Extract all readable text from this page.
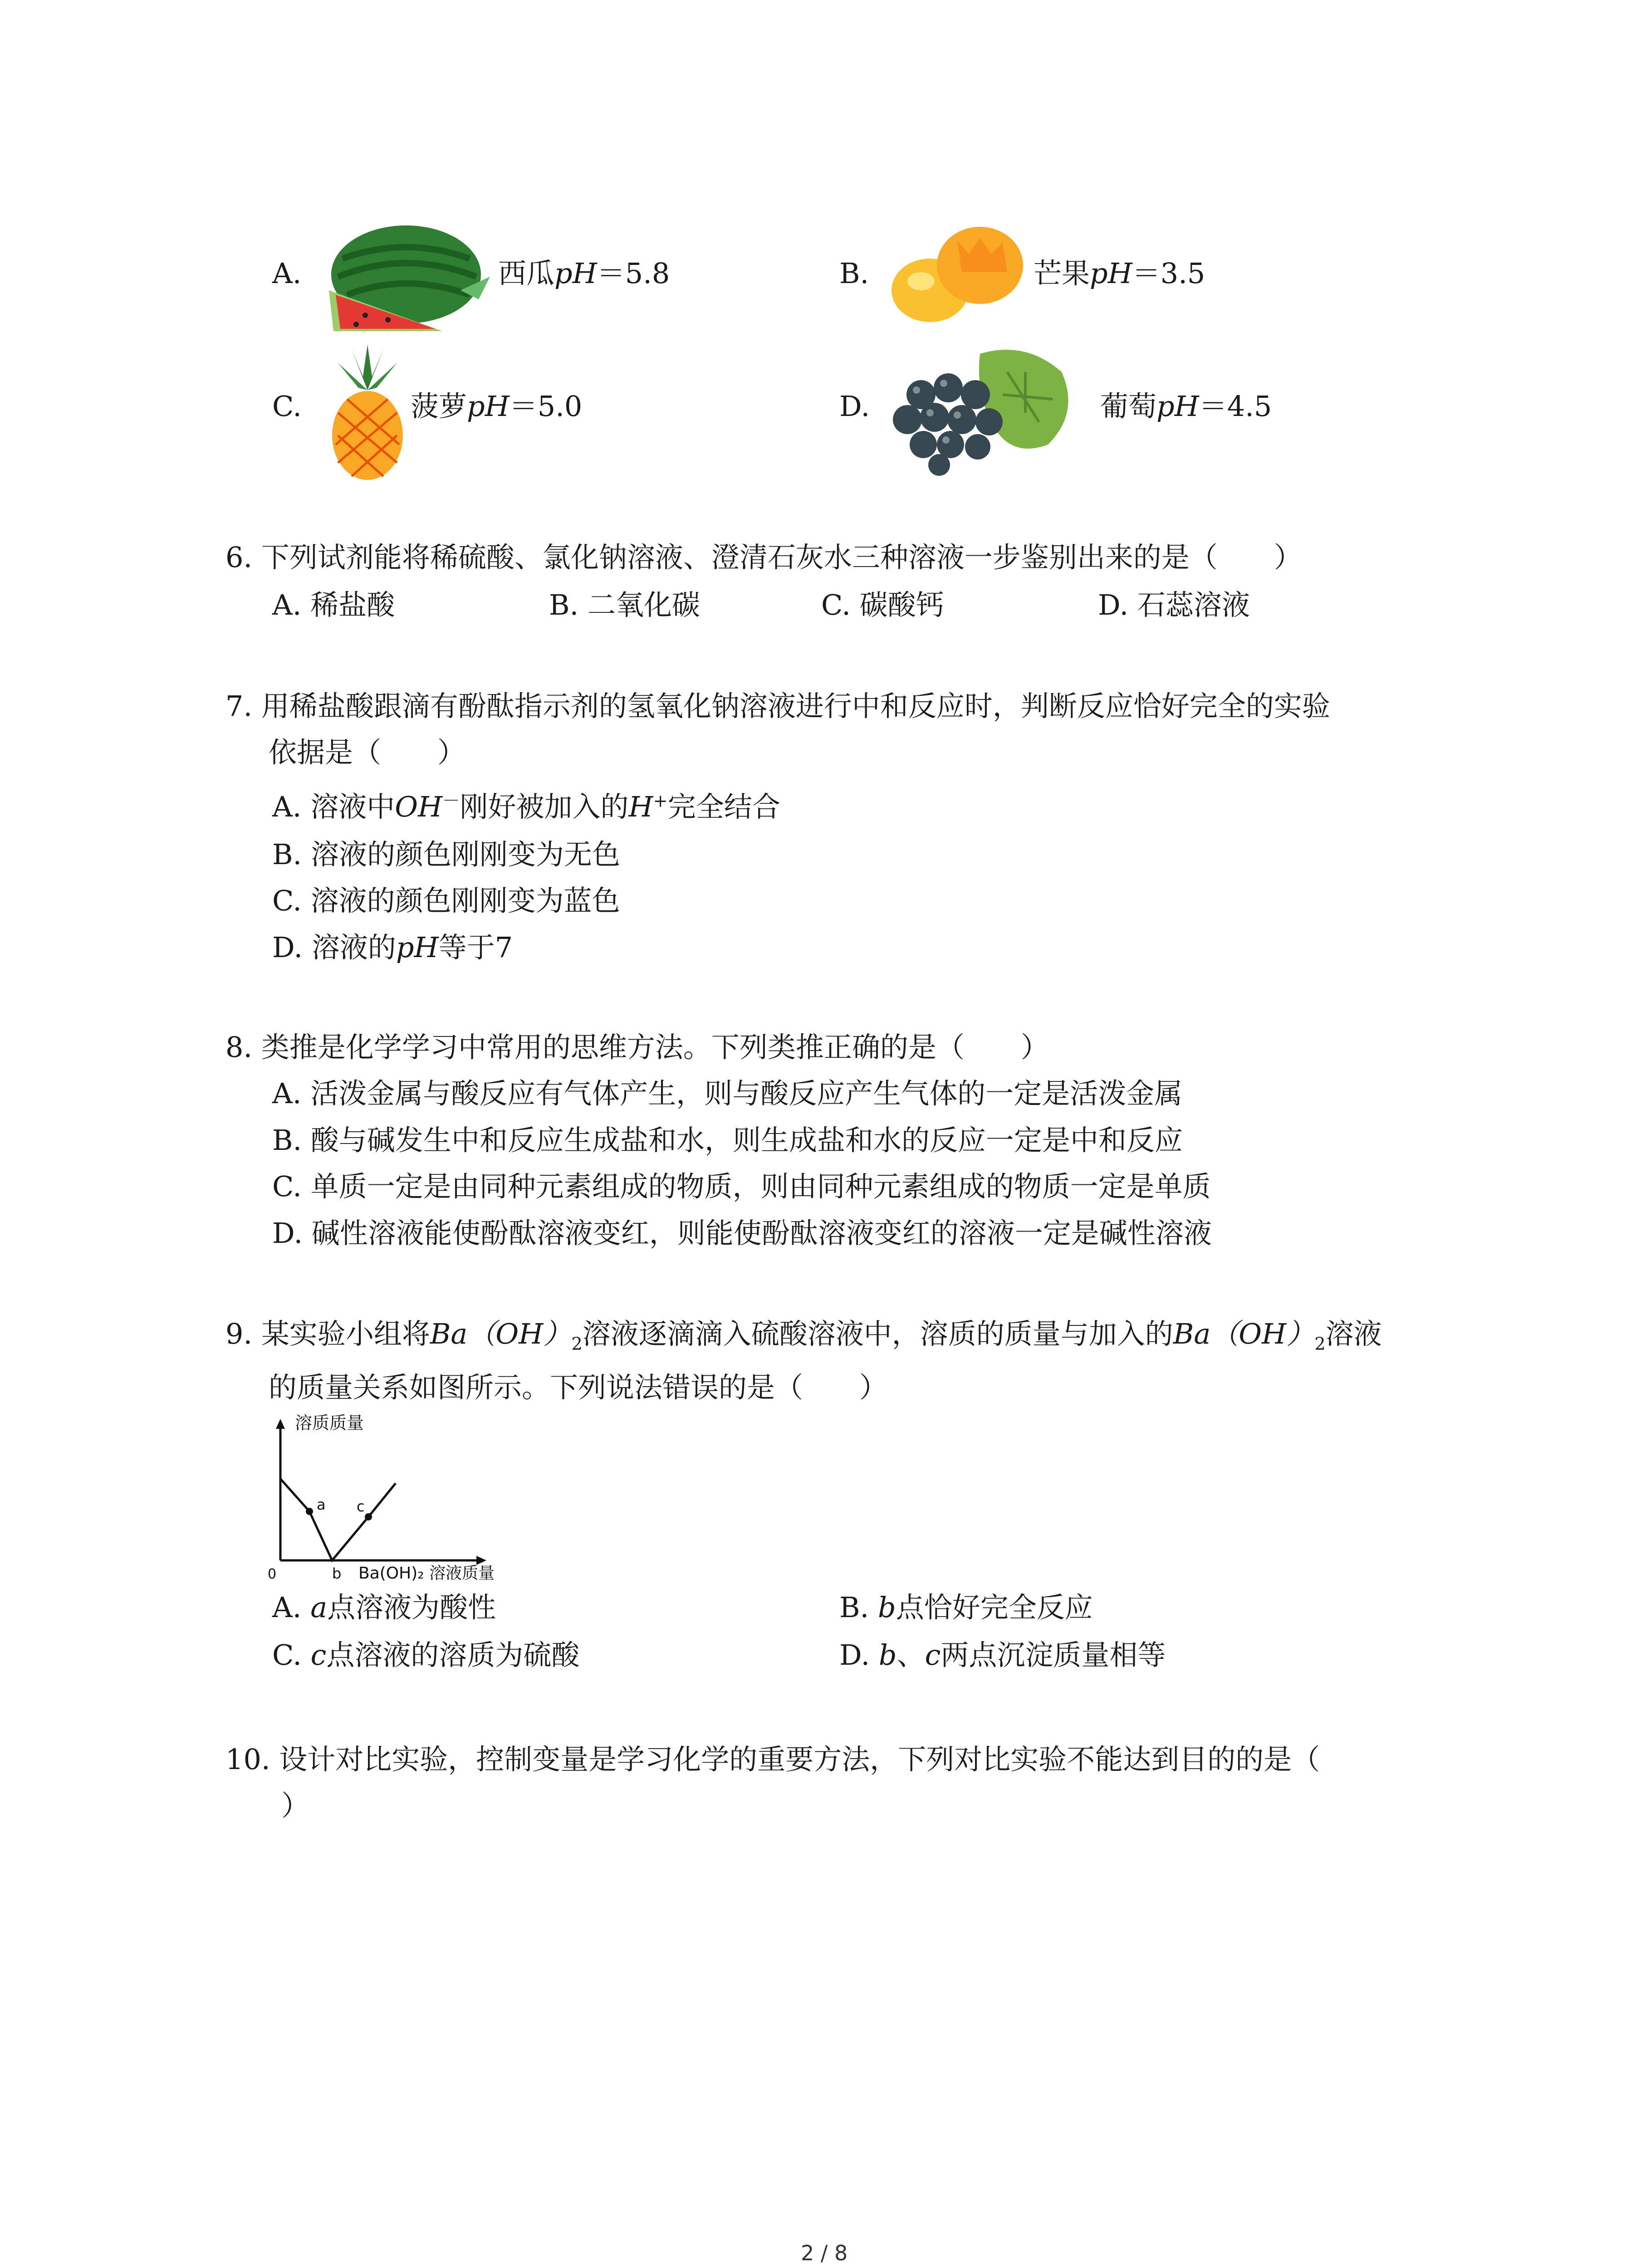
A.	西瓜pH＝5.8	B.	芒果pH＝3.5
C.	菠萝pH＝5.0	D.	葡萄pH＝4.5
6. 下列试剂能将稀硫酸、氯化钠溶液、澄清石灰水三种溶液一步鉴别出来的是（　　）
A. 稀盐酸	B. 二氧化碳	C. 碳酸钙	D. 石蕊溶液
7. 用稀盐酸跟滴有酚酞指示剂的氢氧化钠溶液进行中和反应时，判断反应恰好完全的实验
依据是（　　）
A. 溶液中OH－刚好被加入的H+完全结合
B. 溶液的颜色刚刚变为无色
C. 溶液的颜色刚刚变为蓝色
D. 溶液的pH等于7
8. 类推是化学学习中常用的思维方法。下列类推正确的是（　　）
A. 活泼金属与酸反应有气体产生，则与酸反应产生气体的一定是活泼金属
B. 酸与碱发生中和反应生成盐和水，则生成盐和水的反应一定是中和反应
C. 单质一定是由同种元素组成的物质，则由同种元素组成的物质一定是单质
D. 碱性溶液能使酚酞溶液变红，则能使酚酞溶液变红的溶液一定是碱性溶液
9. 某实验小组将$Ba(OH)_2$溶液逐滴滴入硫酸溶液中，溶质的质量与加入的$Ba(OH)_2$溶液
的质量关系如图所示。下列说法错误的是（　　）
a c
b
0
溶质质量
Ba(OH)₂ 溶液质量
A. a点溶液为酸性	B. b点恰好完全反应
C. c点溶液的溶质为硫酸	D. b、c两点沉淀质量相等
10. 设计对比实验，控制变量是学习化学的重要方法，下列对比实验不能达到目的的是（
）
2 / 8
